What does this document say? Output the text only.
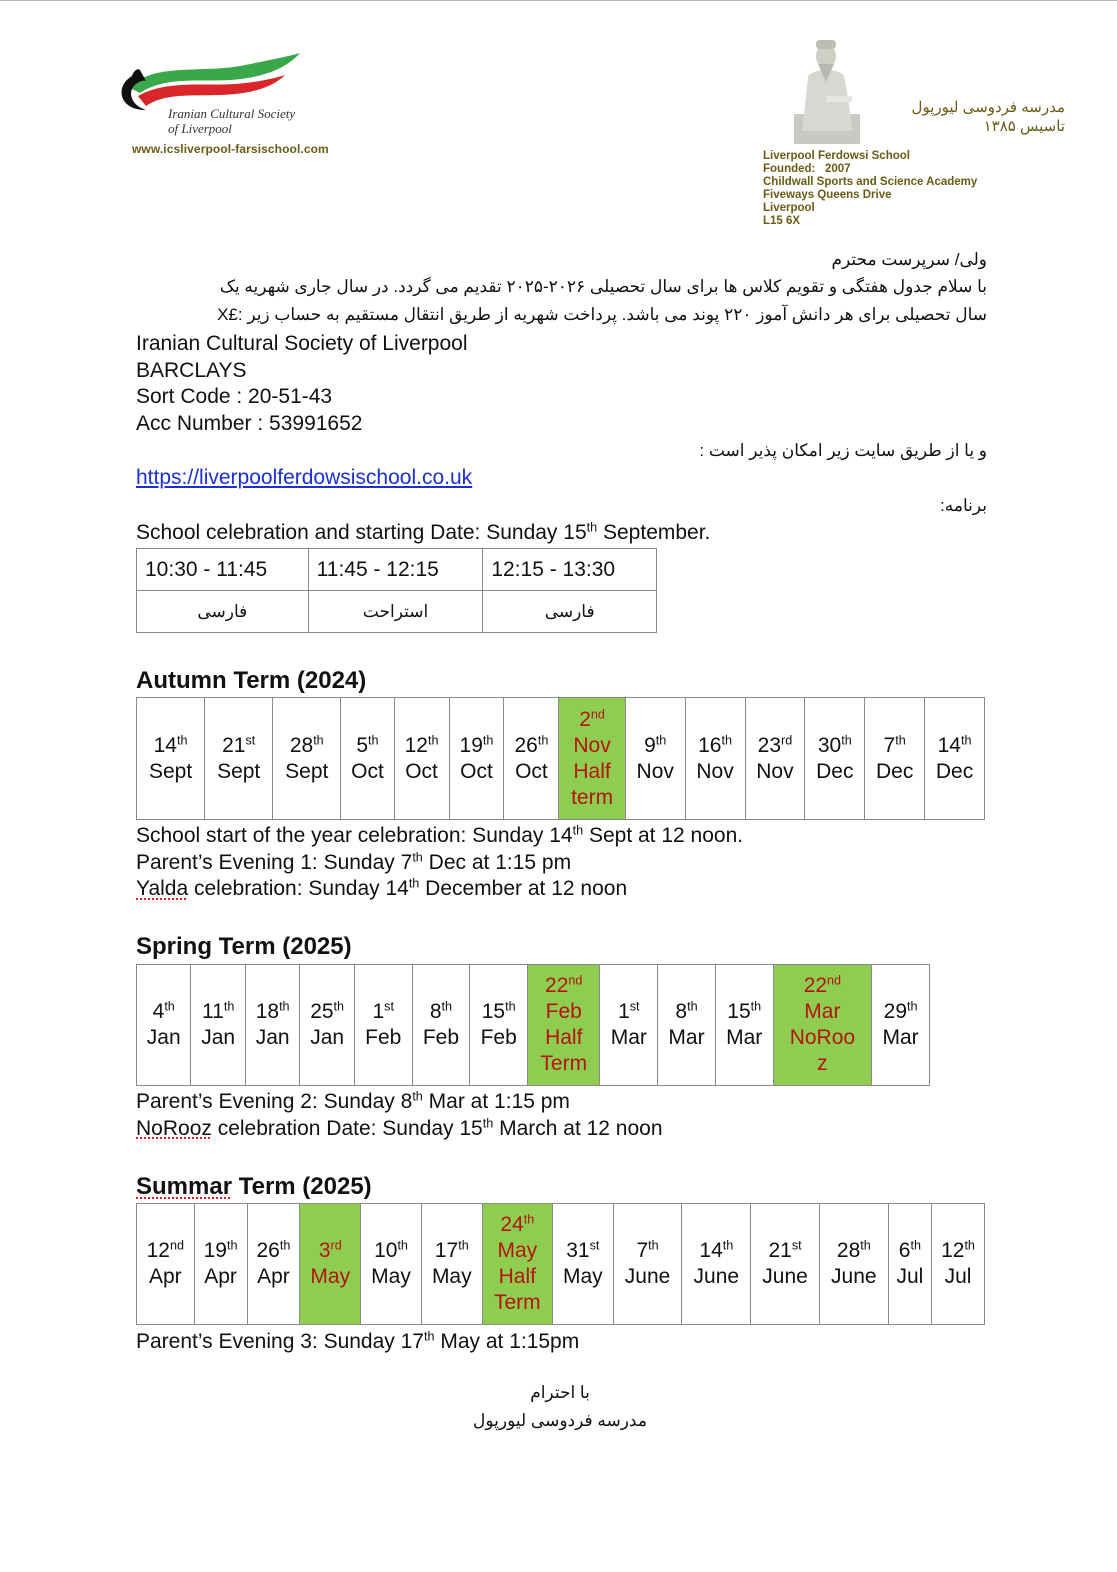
Iranian Cultural Society
of Liverpool
www.icsliverpool-farsischool.com
مدرسه فردوسی لیورپول
تاسیس ۱۳۸۵
Liverpool Ferdowsi School
Founded:   2007
Childwall Sports and Science Academy
Fiveways Queens Drive
Liverpool
L15 6X
ولی/ سرپرست محترم
با سلام جدول هفتگی و تقویم کلاس ها برای سال تحصیلی ۲۰۲۶-۲۰۲۵ تقدیم می گردد. در سال جاری شهریه یک
سال تحصیلی برای هر دانش آموز ۲۲۰ پوند می باشد. پرداخت شهریه از طریق انتقال مستقیم به حساب زیر :X£
Iranian Cultural Society of Liverpool
BARCLAYS
Sort Code : 20-51-43
Acc Number : 53991652
و یا از طریق سایت زیر امکان پذیر است :
https://liverpoolferdowsischool.co.uk
برنامه:
School celebration and starting Date: Sunday 15th September.
10:30 - 11:45	11:45 - 12:15	12:15 - 13:30
فارسی	استراحت	فارسی
Autumn Term (2024)
14th
Sept

21st
Sept

28th
Sept

5th
Oct

12th
Oct

19th
Oct

26th
Oct

2nd
Nov
Half
term

9th
Nov

16th
Nov

23rd
Nov

30th
Dec

7th
Dec

14th
Dec
School start of the year celebration: Sunday 14th Sept at 12 noon.
Parent’s Evening 1: Sunday 7th Dec at 1:15 pm
Yalda celebration: Sunday 14th December at 12 noon
Spring Term (2025)
4th
Jan

11th
Jan

18th
Jan

25th
Jan

1st
Feb

8th
Feb

15th
Feb

22nd
Feb
Half
Term

1st
Mar

8th
Mar

15th
Mar

22nd
Mar
NoRoo
z

29th
Mar
Parent’s Evening 2: Sunday 8th Mar at 1:15 pm
NoRooz celebration Date: Sunday 15th March at 12 noon
Summar Term (2025)
12nd
Apr

19th
Apr

26th
Apr

3rd
May

10th
May

17th
May

24th
May
Half
Term

31st
May

7th
June

14th
June

21st
June

28th
June

6th
Jul

12th
Jul
Parent’s Evening 3: Sunday 17th May at 1:15pm
با احترام
مدرسه فردوسی لیورپول
